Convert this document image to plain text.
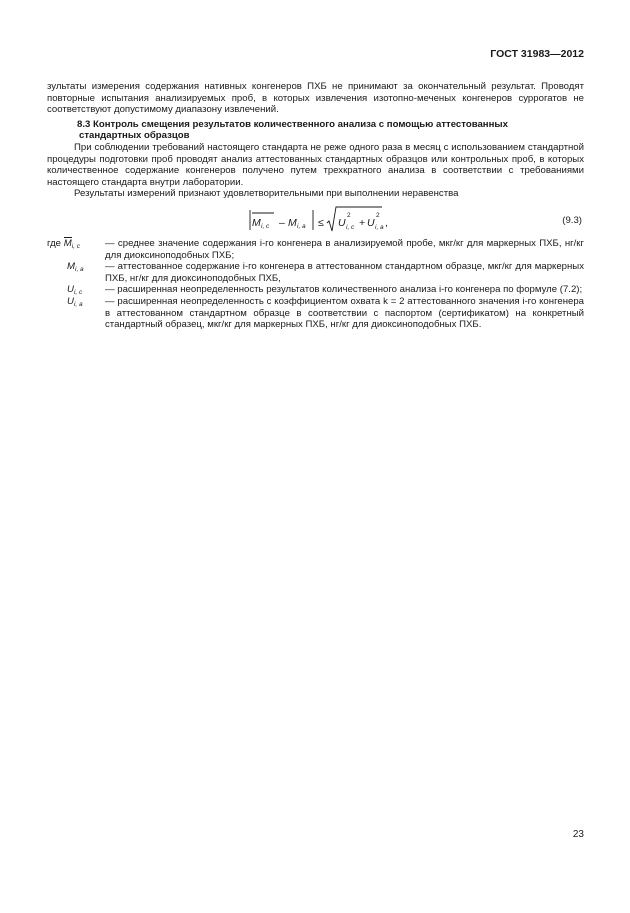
ГОСТ 31983—2012

зультаты измерения содержания нативных конгенеров ПХБ не принимают за окончательный результат. Проводят повторные испытания анализируемых проб, в которых извлечения изотопно-меченых конгенеров суррогатов не соответствуют допустимому диапазону извлечений.

8.3 Контроль смещения результатов количественного анализа с помощью аттестованных
стандартных образцов

При соблюдении требований настоящего стандарта не реже одного раза в месяц с использованием стандартной процедуры подготовки проб проводят анализ аттестованных стандартных образцов или контрольных проб, в которых количественное содержание конгенеров получено путем трехкратного анализа в соответствии с требованиями настоящего стандарта внутри лаборатории.

Результаты измерений признают удовлетворительными при выполнении неравенства

M i, c – M i, a ≤ U
2
i, c + U
2
i, a ,	(9.3)
где $M_{i, c}$	— среднее значение содержания i-го конгенера в анализируемой пробе, мкг/кг для маркерных ПХБ, нг/кг для диоксиноподобных ПХБ;

$M_{i, a}$	— аттестованное содержание i-го конгенера в аттестованном стандартном образце, мкг/кг для маркерных ПХБ, нг/кг для диоксиноподобных ПХБ,

$U_{i, c}$	— расширенная неопределенность результатов количественного анализа i-го конгенера по формуле (7.2);

$U_{i, a}$	— расширенная неопределенность с коэффициентом охвата k = 2 аттестованного значения i-го конгенера в аттестованном стандартном образце в соответствии с паспортом (сертификатом) на конкретный стандартный образец, мкг/кг для маркерных ПХБ, нг/кг для диоксиноподобных ПХБ.

23
